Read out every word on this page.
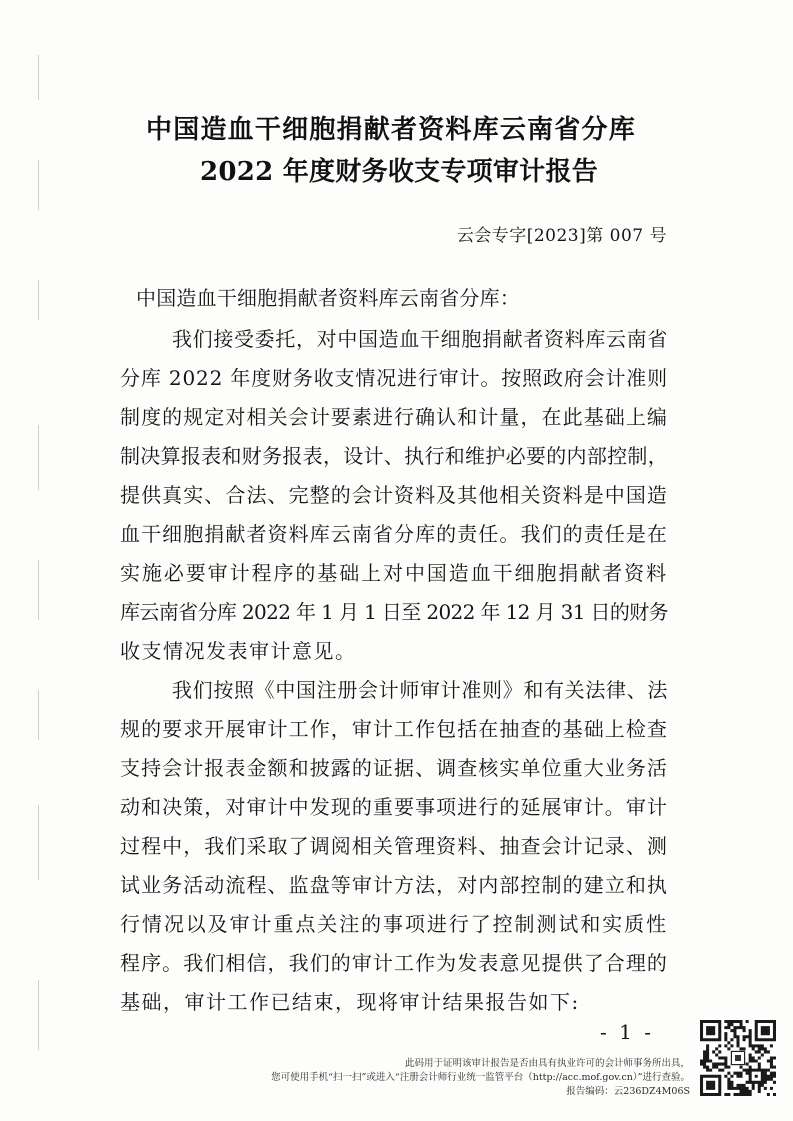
中国造血干细胞捐献者资料库云南省分库
2022 年度财务收支专项审计报告
云会专字[2023]第 007 号
中国造血干细胞捐献者资料库云南省分库：
我们接受委托，对中国造血干细胞捐献者资料库云南省
分库 2022 年度财务收支情况进行审计。按照政府会计准则
制度的规定对相关会计要素进行确认和计量，在此基础上编
制决算报表和财务报表，设计、执行和维护必要的内部控制，
提供真实、合法、完整的会计资料及其他相关资料是中国造
血干细胞捐献者资料库云南省分库的责任。我们的责任是在
实施必要审计程序的基础上对中国造血干细胞捐献者资料
库云南省分库 2022 年 1 月 1 日至 2022 年 12 月 31 日的财务
收支情况发表审计意见。
我们按照《中国注册会计师审计准则》和有关法律、法
规的要求开展审计工作，审计工作包括在抽查的基础上检查
支持会计报表金额和披露的证据、调查核实单位重大业务活
动和决策，对审计中发现的重要事项进行的延展审计。审计
过程中，我们采取了调阅相关管理资料、抽查会计记录、测
试业务活动流程、监盘等审计方法，对内部控制的建立和执
行情况以及审计重点关注的事项进行了控制测试和实质性
程序。我们相信，我们的审计工作为发表意见提供了合理的
基础，审计工作已结束，现将审计结果报告如下:
- 1 -
此码用于证明该审计报告是否由具有执业许可的会计师事务所出具，
您可使用手机“扫一扫”或进入“注册会计师行业统一监管平台（http://acc.mof.gov.cn）”进行查验。
报告编码：云236DZ4M06S
